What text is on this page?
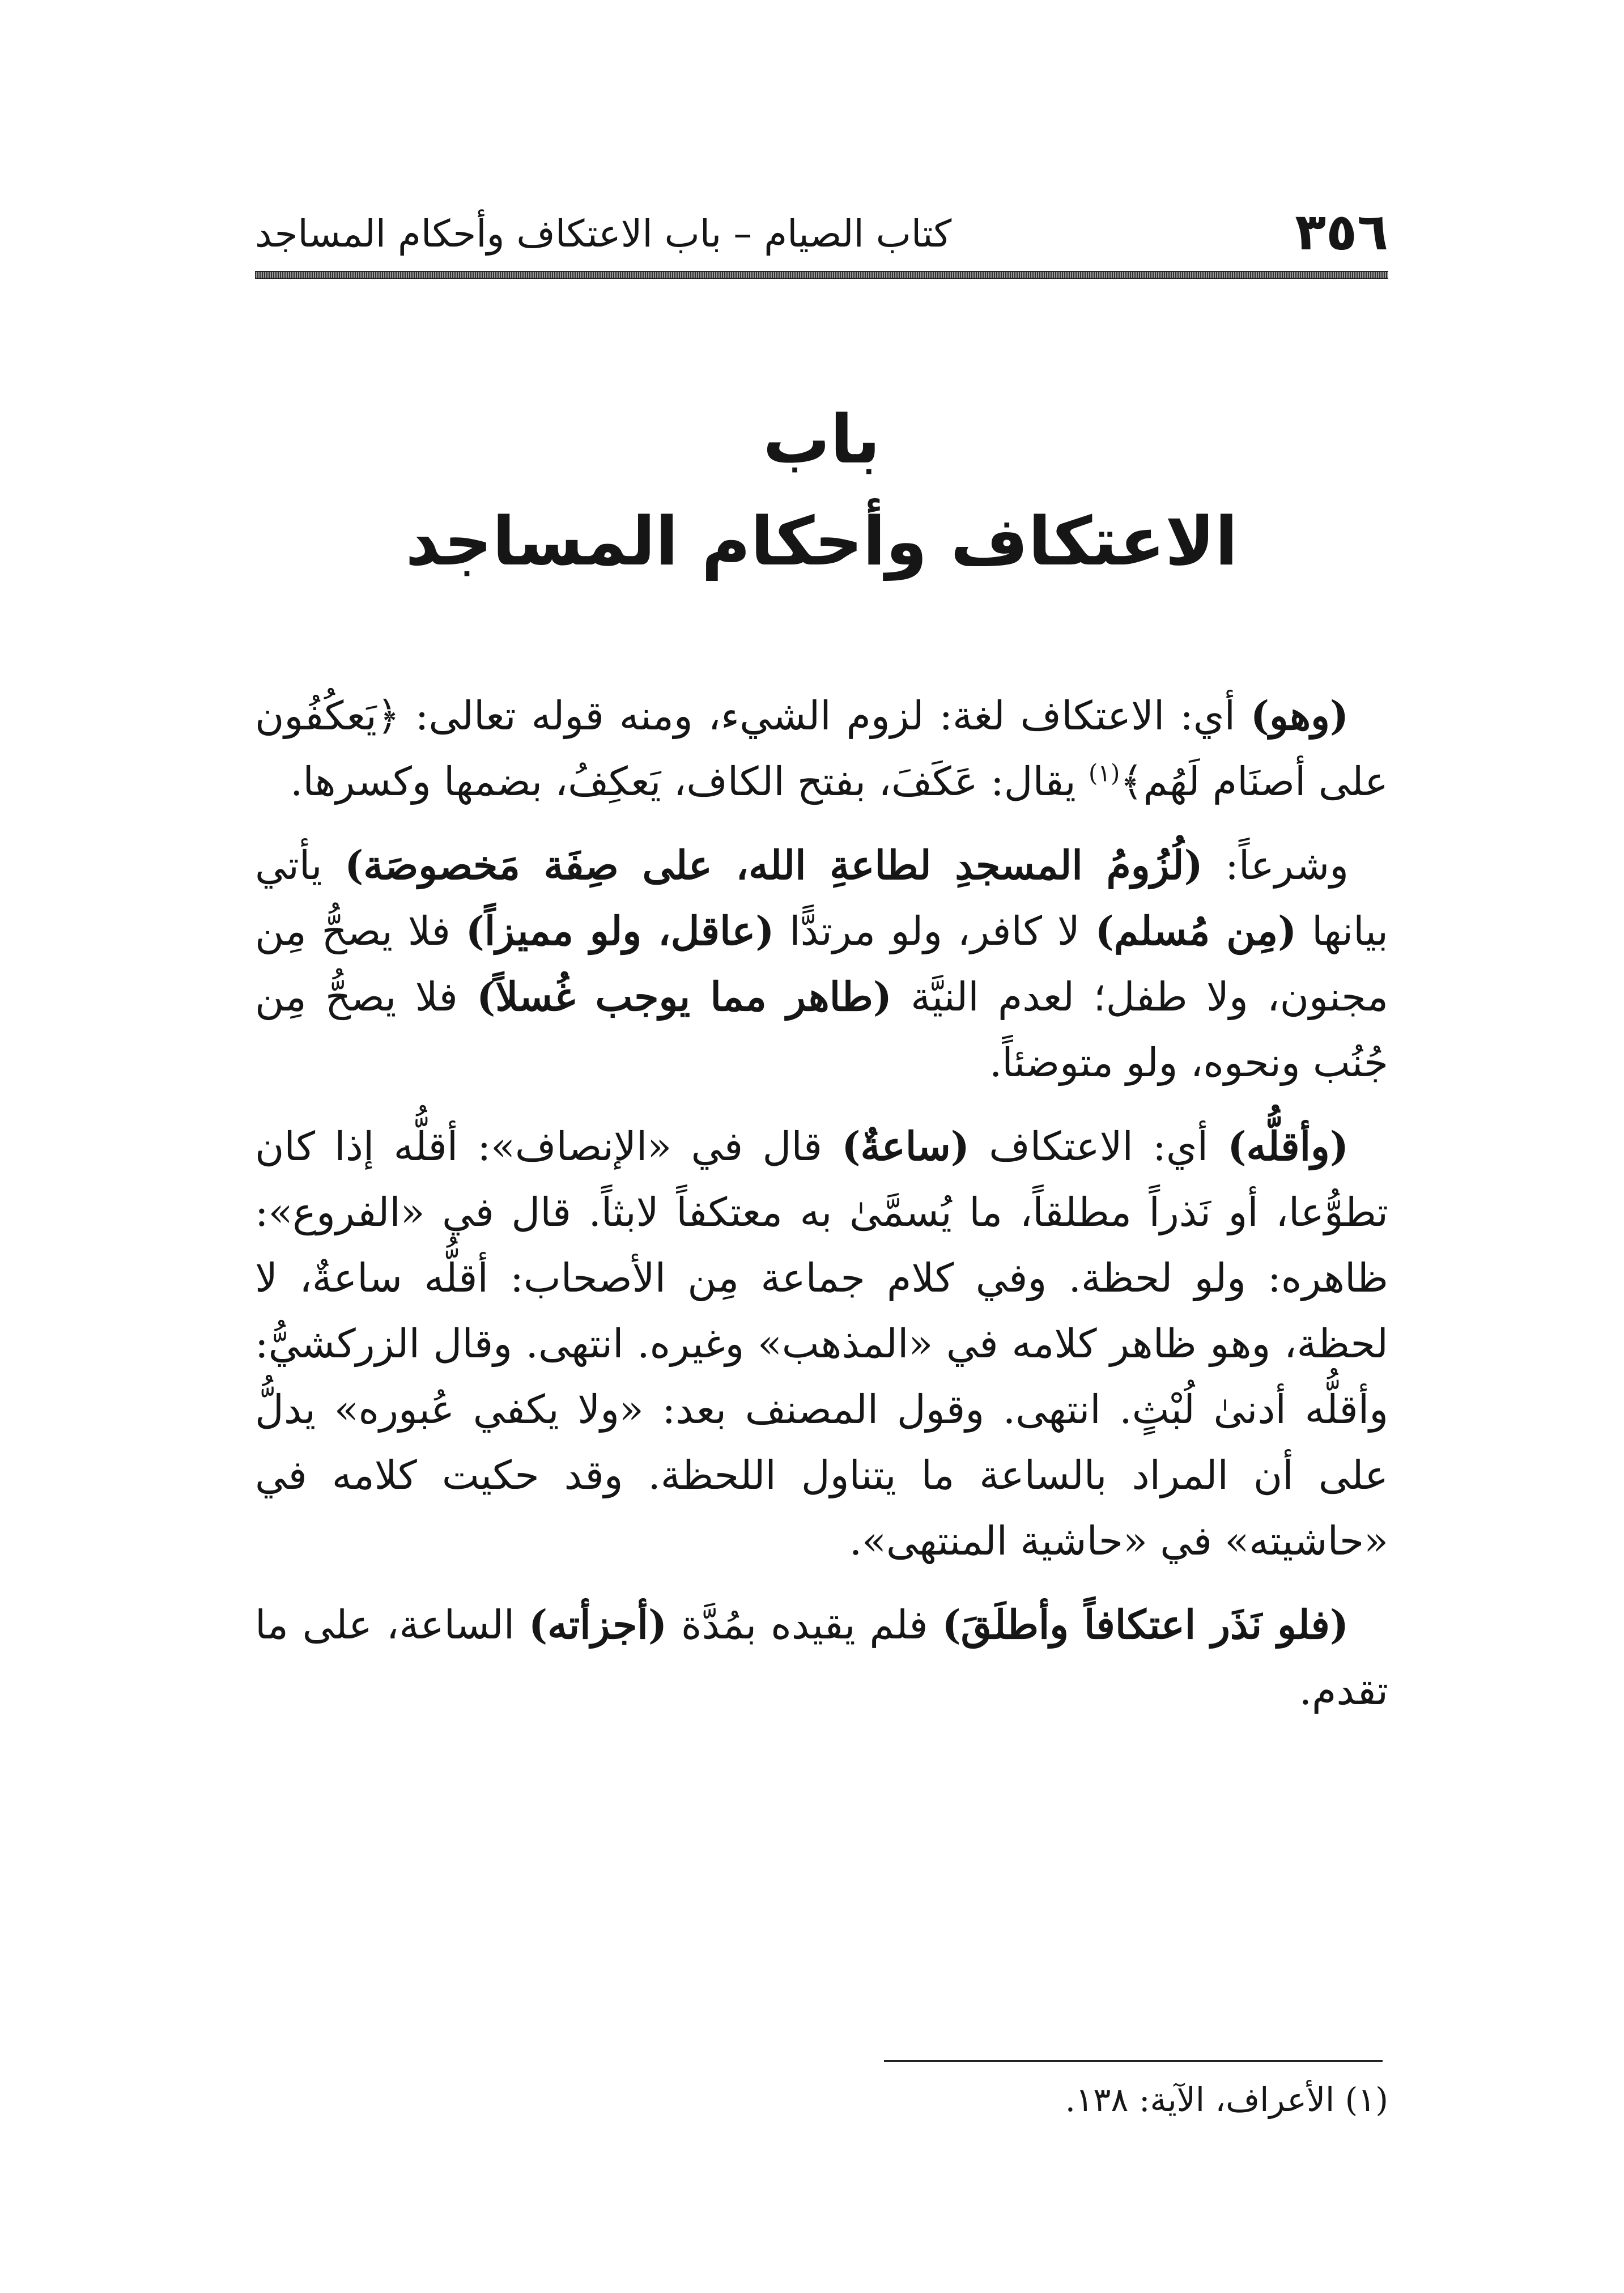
٣٥٦
كتاب الصيام – باب الاعتكاف وأحكام المساجد
باب
الاعتكاف وأحكام المساجد

(وهو) أي: الاعتكاف لغة: لزوم الشيء، ومنه قوله تعالى: ﴿يَعكُفُون على أصنَام لَهُم﴾$^{(١)}$ يقال: عَكَفَ، بفتح الكاف، يَعكِفُ، بضمها وكسرها.

وشرعاً: (لُزُومُ المسجدِ لطاعةِ الله، على صِفَة مَخصوصَة) يأتي بيانها (مِن مُسلم) لا كافر، ولو مرتدًّا (عاقل، ولو مميزاً) فلا يصحُّ مِن مجنون، ولا طفل؛ لعدم النيَّة (طاهر مما يوجب غُسلاً) فلا يصحُّ مِن جُنُب ونحوه، ولو متوضئاً.

(وأقلُّه) أي: الاعتكاف (ساعةٌ) قال في «الإنصاف»: أقلُّه إذا كان تطوُّعا، أو نَذراً مطلقاً، ما يُسمَّىٰ به معتكفاً لابثاً. قال في «الفروع»: ظاهره: ولو لحظة. وفي كلام جماعة مِن الأصحاب: أقلُّه ساعةٌ، لا لحظة، وهو ظاهر كلامه في «المذهب» وغيره. انتهى. وقال الزركشيُّ: وأقلُّه أدنىٰ لُبْثٍ. انتهى. وقول المصنف بعد: «ولا يكفي عُبوره» يدلُّ على أن المراد بالساعة ما يتناول اللحظة. وقد حكيت كلامه في «حاشيته» في «حاشية المنتهى».

(فلو نَذَر اعتكافاً وأطلَقَ) فلم يقيده بمُدَّة (أجزأته) الساعة، على ما تقدم.

(١) الأعراف، الآية: ١٣٨.
